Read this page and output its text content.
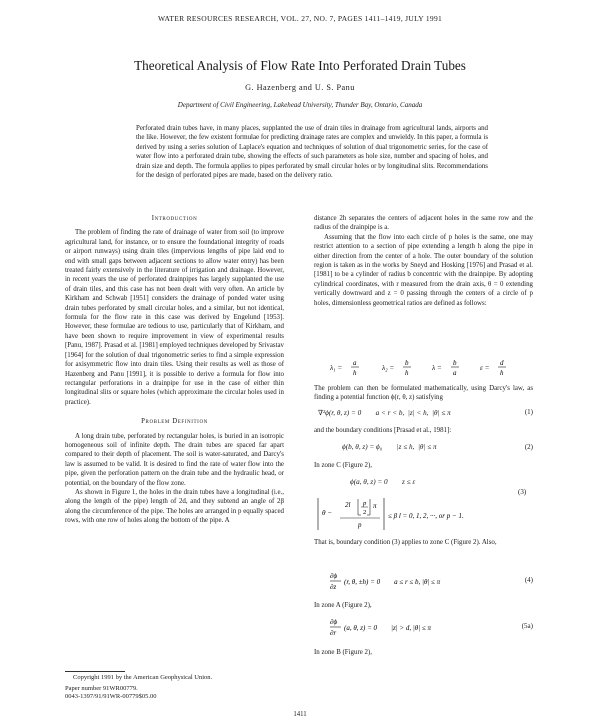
WATER RESOURCES RESEARCH, VOL. 27, NO. 7, PAGES 1411–1419, JULY 1991
Theoretical Analysis of Flow Rate Into Perforated Drain Tubes
G. Hazenberg and U. S. Panu
Department of Civil Engineering, Lakehead University, Thunder Bay, Ontario, Canada
Perforated drain tubes have, in many places, supplanted the use of drain tiles in drainage from agricultural lands, airports and the like. However, the few existent formulae for predicting drainage rates are complex and unwieldy. In this paper, a formula is derived by using a series solution of Laplace's equation and techniques of solution of dual trigonometric series, for the case of water flow into a perforated drain tube, showing the effects of such parameters as hole size, number and spacing of holes, and drain size and depth. The formula applies to pipes perforated by small circular holes or by longitudinal slits. Recommendations for the design of perforated pipes are made, based on the delivery ratio.
Introduction

The problem of finding the rate of drainage of water from soil (to improve agricultural land, for instance, or to ensure the foundational integrity of roads or airport runways) using drain tiles (impervious lengths of pipe laid end to end with small gaps between adjacent sections to allow water entry) has been treated fairly extensively in the literature of irrigation and drainage. However, in recent years the use of perforated drainpipes has largely supplanted the use of drain tiles, and this case has not been dealt with very often. An article by Kirkham and Schwab [1951] considers the drainage of ponded water using drain tubes perforated by small circular holes, and a similar, but not identical, formula for the flow rate in this case was derived by Engelund [1953]. However, these formulae are tedious to use, particularly that of Kirkham, and have been shown to require improvement in view of experimental results [Panu, 1987]. Prasad et al. [1981] employed techniques developed by Srivastav [1964] for the solution of dual trigonometric series to find a simple expression for axisymmetric flow into drain tiles. Using their results as well as those of Hazenberg and Panu [1991], it is possible to derive a formula for flow into rectangular perforations in a drainpipe for use in the case of either thin longitudinal slits or square holes (which approximate the circular holes used in practice).

Problem Definition

A long drain tube, perforated by rectangular holes, is buried in an isotropic homogeneous soil of infinite depth. The drain tubes are spaced far apart compared to their depth of placement. The soil is water-saturated, and Darcy's law is assumed to be valid. It is desired to find the rate of water flow into the pipe, given the perforation pattern on the drain tube and the hydraulic head, or potential, on the boundary of the flow zone.

As shown in Figure 1, the holes in the drain tubes have a longitudinal (i.e., along the length of the pipe) length of 2d, and they subtend an angle of 2β along the circumference of the pipe. The holes are arranged in p equally spaced rows, with one row of holes along the bottom of the pipe. A

Copyright 1991 by the American Geophysical Union.
Paper number 91WR00779.
0043-1397/91/91WR-00779$05.00

distance 2h separates the centers of adjacent holes in the same row and the radius of the drainpipe is a.

Assuming that the flow into each circle of p holes is the same, one may restrict attention to a section of pipe extending a length h along the pipe in either direction from the center of a hole. The outer boundary of the solution region is taken as in the works by Sneyd and Hosking [1976] and Prasad et al. [1981] to be a cylinder of radius b concentric with the drainpipe. By adopting cylindrical coordinates, with r measured from the drain axis, θ = 0 extending vertically downward and z = 0 passing through the centers of a circle of p holes, dimensionless geometrical ratios are defined as follows:

λ₁ =
a
h
λ₂ =
b
h
λ =
b
a
ε =
d
h
The problem can then be formulated mathematically, using Darcy's law, as finding a potential function ϕ(r, θ, z) satisfying
∇²ϕ(r, θ, z) = 0        a < r < b,  |z| < h,  |θ| ≤ π	(1)
and the boundary conditions [Prasad et al., 1981]:
ϕ(b, θ, z) = ϕ₀        |z ≤ h,  |θ| ≤ π	(2)
In zone C (Figure 2),
ϕ(a, θ, z) = 0        z ≤ ε
(3)
θ −
2l
p
p
2
π
≤ β l = 0, 1, 2, ···, or p − 1.
That is, boundary condition (3) applies to zone C (Figure 2). Also,
∂ϕ
∂z
(r, θ, ±h) = 0        a ≤ r ≤ b, |θ| ≤ π	(4)
In zone A (Figure 2),
∂ϕ
∂r
(a, θ, z) = 0        |z| > d, |θ| ≤ π	(5a)
In zone B (Figure 2),
1411
